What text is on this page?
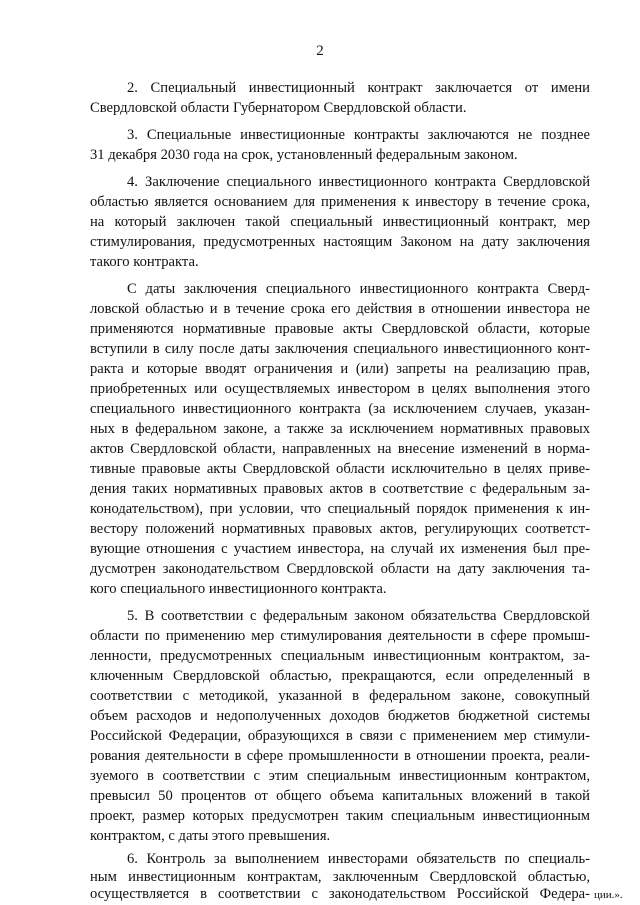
2

2. Специальный инвестиционный контракт заключается от имени

Свердловской области Губернатором Свердловской области.

3. Специальные инвестиционные контракты заключаются не позднее

31 декабря 2030 года на срок, установленный федеральным законом.

4. Заключение специального инвестиционного контракта Свердловской

областью является основанием для применения к инвестору в течение срока,

на который заключен такой специальный инвестиционный контракт, мер

стимулирования, предусмотренных настоящим Законом на дату заключения

такого контракта.

С даты заключения специального инвестиционного контракта Сверд-

ловской областью и в течение срока его действия в отношении инвестора не

применяются нормативные правовые акты Свердловской области, которые

вступили в силу после даты заключения специального инвестиционного конт-

ракта и которые вводят ограничения и (или) запреты на реализацию прав,

приобретенных или осуществляемых инвестором в целях выполнения этого

специального инвестиционного контракта (за исключением случаев, указан-

ных в федеральном законе, а также за исключением нормативных правовых

актов Свердловской области, направленных на внесение изменений в норма-

тивные правовые акты Свердловской области исключительно в целях приве-

дения таких нормативных правовых актов в соответствие с федеральным за-

конодательством), при условии, что специальный порядок применения к ин-

вестору положений нормативных правовых актов, регулирующих соответст-

вующие отношения с участием инвестора, на случай их изменения был пре-

дусмотрен законодательством Свердловской области на дату заключения та-

кого специального инвестиционного контракта.

5. В соответствии с федеральным законом обязательства Свердловской

области по применению мер стимулирования деятельности в сфере промыш-

ленности, предусмотренных специальным инвестиционным контрактом, за-

ключенным Свердловской областью, прекращаются, если определенный в

соответствии с методикой, указанной в федеральном законе, совокупный

объем расходов и недополученных доходов бюджетов бюджетной системы

Российской Федерации, образующихся в связи с применением мер стимули-

рования деятельности в сфере промышленности в отношении проекта, реали-

зуемого в соответствии с этим специальным инвестиционным контрактом,

превысил 50 процентов от общего объема капитальных вложений в такой

проект, размер которых предусмотрен таким специальным инвестиционным

контрактом, с даты этого превышения.

6. Контроль за выполнением инвесторами обязательств по специаль-

ным инвестиционным контрактам, заключенным Свердловской областью,

осуществляется в соответствии с законодательством Российской Федера- ции.».
